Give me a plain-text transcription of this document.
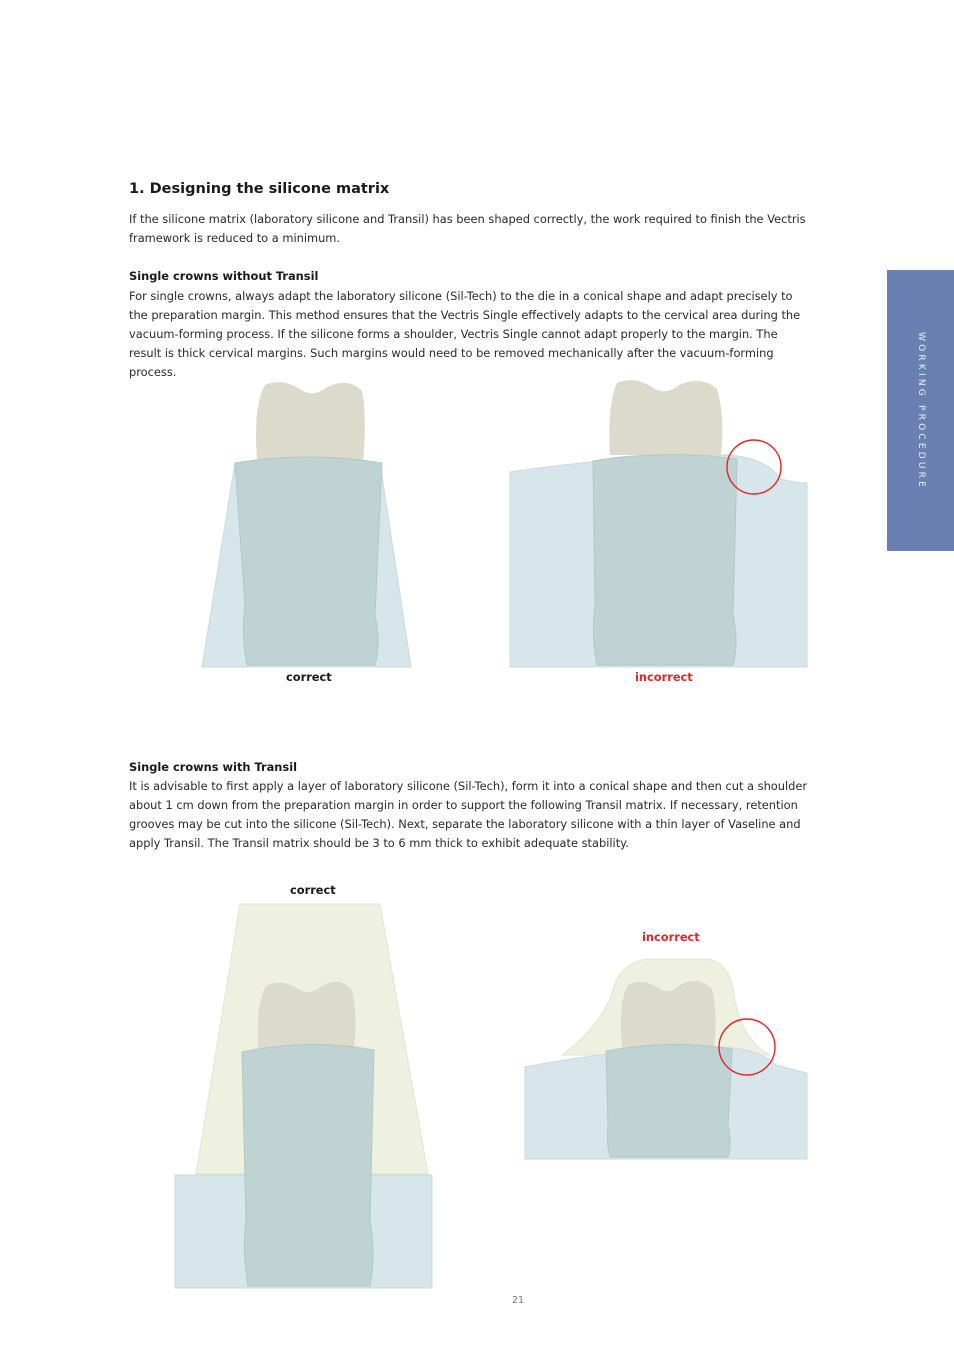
1. Designing the silicone matrix

If the silicone matrix (laboratory silicone and Transil) has been shaped correctly, the work required to finish the Vectris framework is reduced to a minimum.

Single crowns without Transil

For single crowns, always adapt the laboratory silicone (Sil-Tech) to the die in a conical shape and adapt precisely to the preparation margin. This method ensures that the Vectris Single effectively adapts to the cervical area during the vacuum-forming process. If the silicone forms a shoulder, Vectris Single cannot adapt properly to the margin. The result is thick cervical margins. Such margins would need to be removed mechanically after the vacuum-forming process.

correct	incorrect

Single crowns with Transil

It is advisable to first apply a layer of laboratory silicone (Sil-Tech), form it into a conical shape and then cut a shoulder about 1 cm down from the preparation margin in order to support the following Transil matrix. If necessary, retention grooves may be cut into the silicone (Sil-Tech). Next, separate the laboratory silicone with a thin layer of Vaseline and apply Transil. The Transil matrix should be 3 to 6 mm thick to exhibit adequate stability.

correct
incorrect
WORKING PROCEDURE
21
